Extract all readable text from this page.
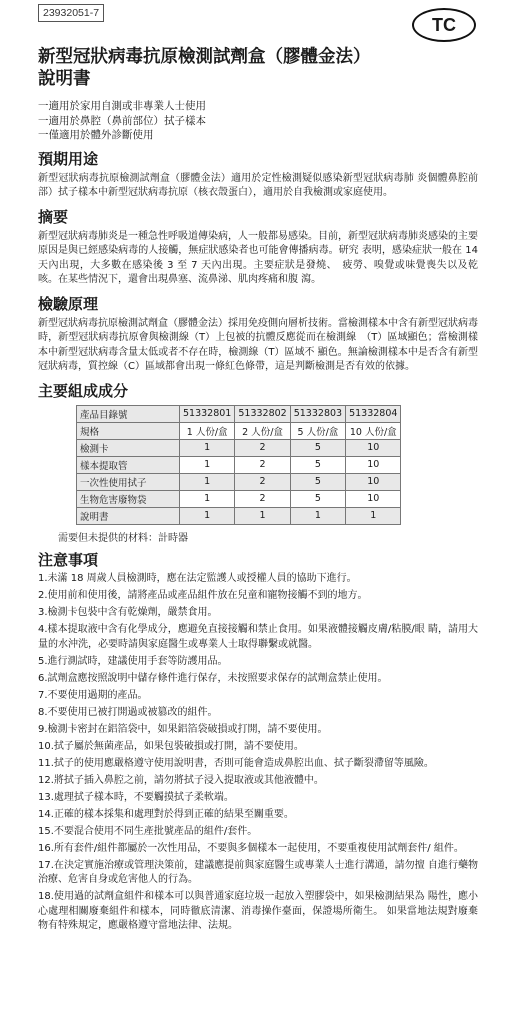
23932051-7
TC
新型冠狀病毒抗原檢測試劑盒（膠體金法）
說明書
一適用於家用自測或非專業人士使用
一適用於鼻腔（鼻前部位）拭子樣本
一僅適用於體外診斷使用
預期用途
新型冠狀病毒抗原檢測試劑盒（膠體金法）適用於定性檢測疑似感染新型冠狀病毒肺 炎個體鼻腔前部）拭子樣本中新型冠狀病毒抗原（核衣殼蛋白），適用於自我檢測或家庭使用。
摘要
新型冠狀病毒肺炎是一種急性呼吸道傳染病，人一般都易感染。目前，新型冠狀病毒肺炎感染的主要原因是與已經感染病毒的人接觸，無症狀感染者也可能會傳播病毒。研究 表明，感染症狀一般在 14 天內出現，大多數在感染後 3 至 7 天內出現。主要症狀是發燒、　疲勞、嗅覺或味覺喪失以及乾咳。在某些情況下，還會出現鼻塞、流鼻涕、肌肉疼痛和腹 瀉。
檢驗原理
新型冠狀病毒抗原檢測試劑盒（膠體金法）採用免疫側向層析技術。當檢測樣本中含有新型冠狀病毒時，新型冠狀病毒抗原會與檢測線（T）上包被的抗體反應從而在檢測線　（T）區域顯色；當檢測樣本中新型冠狀病毒含量太低或者不存在時，檢測線（T）區域不 顯色。無論檢測樣本中是否含有新型冠狀病毒，質控線（C）區域都會出現一條紅色條帶，這是判斷檢測是否有效的依據。
主要組成成分
產品目錄號	51332801	51332802	51332803	51332804
規格	1 人份/盒	2 人份/盒	5 人份/盒	10 人份/盒
檢測卡	1	2	5	10
樣本提取管	1	2	5	10
一次性使用拭子	1	2	5	10
生物危害廢物袋	1	2	5	10
說明書	1	1	1	1
需要但未提供的材料：計時器
注意事項
1.未滿 18 周歲人員檢測時，應在法定監護人或授權人員的協助下進行。
2.使用前和使用後，請將產品或產品組件放在兒童和寵物接觸不到的地方。
3.檢測卡包裝中含有乾燥劑，嚴禁食用。
4.樣本提取液中含有化學成分，應避免直接接觸和禁止食用。如果液體接觸皮膚/粘膜/眼 睛，請用大量的水沖洗，必要時請與家庭醫生或專業人士取得聯繫或就醫。
5.進行測試時，建議使用手套等防護用品。
6.試劑盒應按照說明中儲存條件進行保存，未按照要求保存的試劑盒禁止使用。
7.不要使用過期的產品。
8.不要使用已被打開過或被篡改的組件。
9.檢測卡密封在鋁箔袋中，如果鋁箔袋破損或打開，請不要使用。
10.拭子屬於無菌產品，如果包裝破損或打開，請不要使用。
11.拭子的使用應嚴格遵守使用說明書，否則可能會造成鼻腔出血、拭子斷裂滯留等風險。
12.將拭子插入鼻腔之前，請勿將拭子浸入提取液或其他液體中。
13.處理拭子樣本時，不要觸摸拭子柔軟端。
14.正確的樣本採集和處理對於得到正確的結果至關重要。
15.不要混合使用不同生產批號產品的組件/套件。
16.所有套件/組件都屬於一次性用品，不要與多個樣本一起使用，不要重複使用試劑套件/ 組件。
17.在決定實施治療或管理決策前，建議應提前與家庭醫生或專業人士進行溝通，請勿擅 自進行藥物治療、危害自身或危害他人的行為。
18.使用過的試劑盒組件和樣本可以與普通家庭垃圾一起放入塑膠袋中，如果檢測結果為 陽性，應小心處理相關廢棄組件和樣本，同時徹底清潔、消毒操作臺面，保證場所衛生。 如果當地法規對廢棄物有特殊規定，應嚴格遵守當地法律、法規。
